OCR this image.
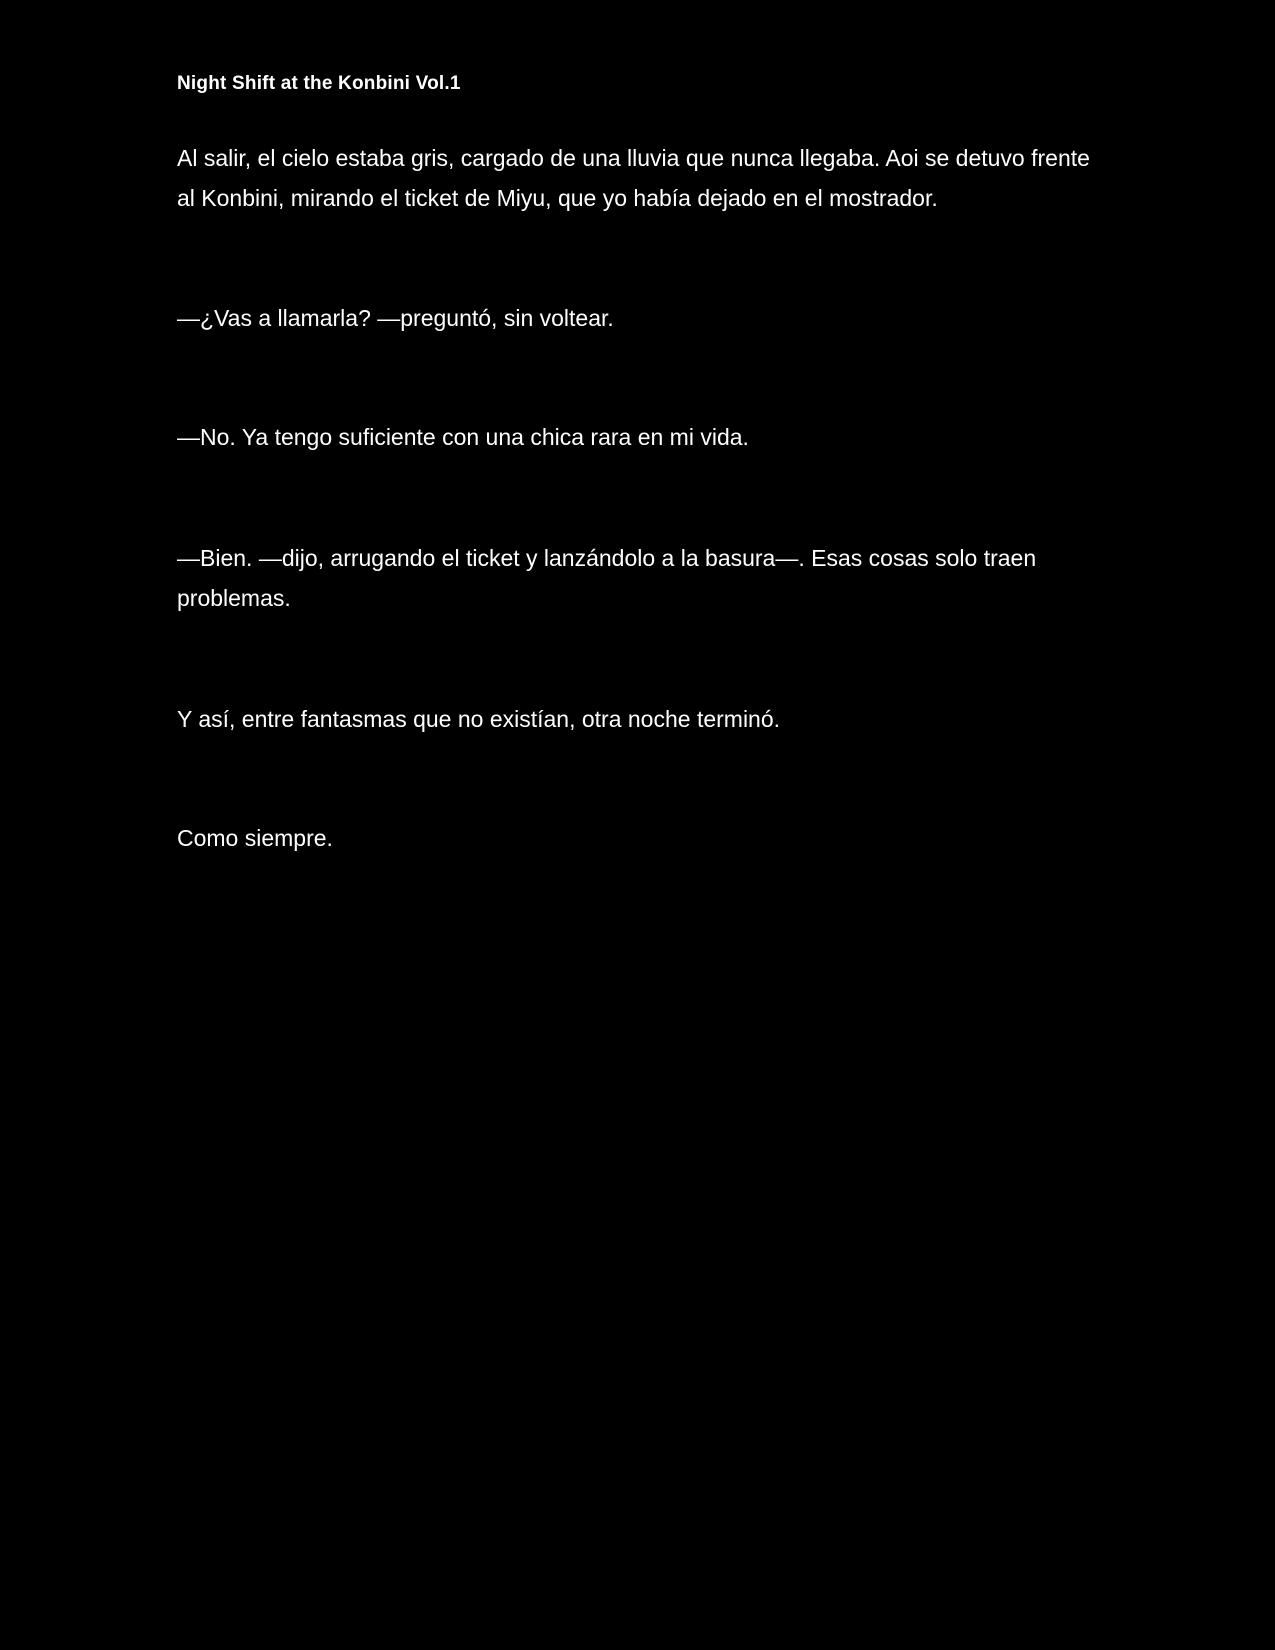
Night Shift at the Konbini Vol.1

Al salir, el cielo estaba gris, cargado de una lluvia que nunca llegaba. Aoi se detuvo frente al Konbini, mirando el ticket de Miyu, que yo había dejado en el mostrador.

—¿Vas a llamarla? —preguntó, sin voltear.

—No. Ya tengo suficiente con una chica rara en mi vida.

—Bien. —dijo, arrugando el ticket y lanzándolo a la basura—. Esas cosas solo traen problemas.

Y así, entre fantasmas que no existían, otra noche terminó.

Como siempre.
